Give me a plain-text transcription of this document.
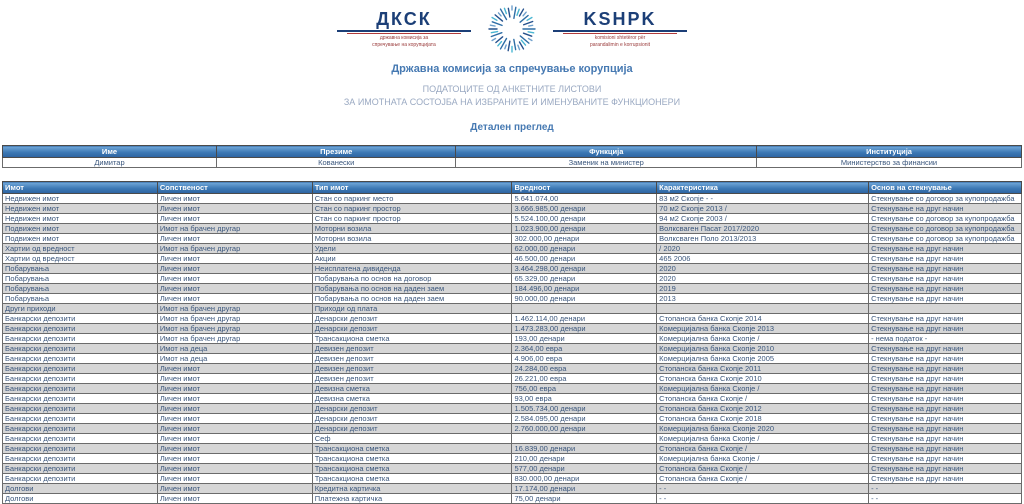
ДКСК
државна комисија за
спречување на корупцијата
KSHPK
komisioni shtetëror për
parandalimin e korrupsionit
Државна комисија за спречување корупција
ПОДАТОЦИТЕ ОД АНКЕТНИТЕ ЛИСТОВИ
ЗА ИМОТНАТА СОСТОЈБА НА ИЗБРАНИТЕ И ИМЕНУВАНИТЕ ФУНКЦИОНЕРИ
Детален преглед
Име	Презиме	Функција	Институција
Димитар	Кованески	Заменик на министер	Министерство за финансии
Имот	Сопственост	Тип имот	Вредност	Карактеристика	Основ на стекнување
Недвижен имот	Личен имот	Стан со паркинг место	5.641.074,00	83 м2 Скопје - -	Стекнување со договор за купопродажба
Недвижен имот	Личен имот	Стан со паркинг простор	3.666.985,00 денари	70 м2 Скопје 2013 /	Стекнување на друг начин
Недвижен имот	Личен имот	Стан со паркинг простор	5.524.100,00 денари	94 м2 Скопје 2003 /	Стекнување со договор за купопродажба
Подвижен имот	Имот на брачен другар	Моторни возила	1.023.900,00 денари	Волксваген Пасат 2017/2020	Стекнување со договор за купопродажба
Подвижен имот	Личен имот	Моторни возила	302.000,00 денари	Волксваген Поло 2013/2013	Стекнување со договор за купопродажба
Хартии од вредност	Имот на брачен другар	Удели	62.000,00 денари	/ 2020	Стекнување на друг начин
Хартии од вредност	Личен имот	Акции	46.500,00 денари	465 2006	Стекнување на друг начин
Побарувања	Личен имот	Неисплатена дивиденда	3.464.298,00 денари	2020	Стекнување на друг начин
Побарувања	Личен имот	Побарувања по основ на договор	65.329,00 денари	2020	Стекнување на друг начин
Побарувања	Личен имот	Побарувања по основ на даден заем	184.496,00 денари	2019	Стекнување на друг начин
Побарувања	Личен имот	Побарувања по основ на даден заем	90.000,00 денари	2013	Стекнување на друг начин
Други приходи	Имот на брачен другар	Приходи од плата			
Банкарски депозити	Имот на брачен другар	Денарски депозит	1.462.114,00 денари	Стопанска банка Скопје 2014	Стекнување на друг начин
Банкарски депозити	Имот на брачен другар	Денарски депозит	1.473.283,00 денари	Комерцијална банка Скопје 2013	Стекнување на друг начин
Банкарски депозити	Имот на брачен другар	Трансакциона сметка	193,00 денари	Комерцијална банка Скопје /	- нема податок -
Банкарски депозити	Имот на деца	Девизен депозит	2.364,00 евра	Комерцијална банка Скопје 2010	Стекнување на друг начин
Банкарски депозити	Имот на деца	Девизен депозит	4.906,00 евра	Комерцијална банка Скопје 2005	Стекнување на друг начин
Банкарски депозити	Личен имот	Девизен депозит	24.284,00 евра	Стопанска банка Скопје 2011	Стекнување на друг начин
Банкарски депозити	Личен имот	Девизен депозит	26.221,00 евра	Стопанска банка Скопје 2010	Стекнување на друг начин
Банкарски депозити	Личен имот	Девизна сметка	756,00 евра	Комерцијална банка Скопје /	Стекнување на друг начин
Банкарски депозити	Личен имот	Девизна сметка	93,00 евра	Стопанска банка Скопје /	Стекнување на друг начин
Банкарски депозити	Личен имот	Денарски депозит	1.505.734,00 денари	Стопанска банка Скопје 2012	Стекнување на друг начин
Банкарски депозити	Личен имот	Денарски депозит	2.584.095,00 денари	Стопанска банка Скопје 2018	Стекнување на друг начин
Банкарски депозити	Личен имот	Денарски депозит	2.760.000,00 денари	Комерцијална банка Скопје 2020	Стекнување на друг начин
Банкарски депозити	Личен имот	Сеф		Комерцијална банка Скопје /	Стекнување на друг начин
Банкарски депозити	Личен имот	Трансакциона сметка	16.839,00 денари	Стопанска банка Скопје /	Стекнување на друг начин
Банкарски депозити	Личен имот	Трансакциона сметка	210,00 денари	Комерцијална банка Скопје /	Стекнување на друг начин
Банкарски депозити	Личен имот	Трансакциона сметка	577,00 денари	Стопанска банка Скопје /	Стекнување на друг начин
Банкарски депозити	Личен имот	Трансакциона сметка	830.000,00 денари	Стопанска банка Скопје /	Стекнување на друг начин
Долгови	Личен имот	Кредитна картичка	17.174,00 денари	- -	- -
Долгови	Личен имот	Платежна картичка	75,00 денари	- -	- -
